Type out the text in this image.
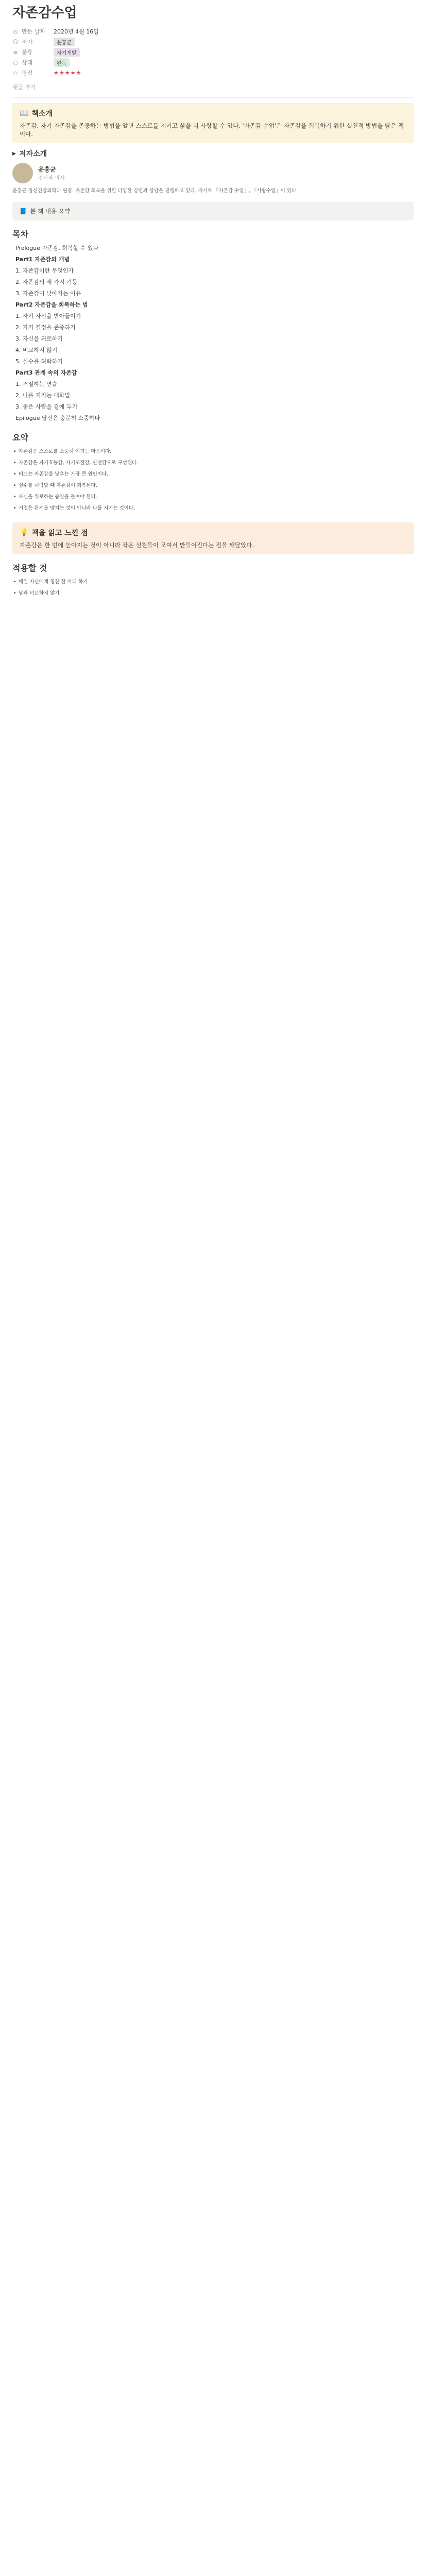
자존감수업
◷ 만든 날짜 2020년 4월 16일
☺ 저자	윤홍균
≡ 분류	자기계발
○ 상태	완독
☆ 평점	★★★★★
댓글 추가
📖 책소개
자존감. 자기 자존감을 존중하는 방법을 알면 스스로를 지키고 삶을 더 사랑할 수 있다. '자존감 수업'은 자존감을 회복하기 위한 실천적 방법을 담은 책이다.
▸ 저자소개
윤홍균
정신과 의사
윤홍균 정신건강의학과 원장. 자존감 회복을 위한 다양한 강연과 상담을 진행하고 있다. 저서로 『자존감 수업』, 『사랑수업』이 있다.
📘 본 책 내용 요약
목차
Prologue 자존감, 회복할 수 있다
Part1 자존감의 개념
1. 자존감이란 무엇인가
2. 자존감의 세 가지 기둥
3. 자존감이 낮아지는 이유
Part2 자존감을 회복하는 법
1. 자기 자신을 받아들이기
2. 자기 결정을 존중하기
3. 자신을 위로하기
4. 비교하지 않기
5. 실수를 허락하기
Part3 관계 속의 자존감
1. 거절하는 연습
2. 나를 지키는 대화법
3. 좋은 사람을 곁에 두기
Epilogue 당신은 충분히 소중하다
요약
• 자존감은 스스로를 소중히 여기는 마음이다.
• 자존감은 자기효능감, 자기조절감, 안전감으로 구성된다.
• 비교는 자존감을 낮추는 가장 큰 원인이다.
• 실수를 허락할 때 자존감이 회복된다.
• 자신을 위로하는 습관을 들여야 한다.
• 거절은 관계를 망치는 것이 아니라 나를 지키는 것이다.
💡 책을 읽고 느낀 점
자존감은 한 번에 높아지는 것이 아니라 작은 실천들이 모여서 만들어진다는 점을 깨달았다.
적용할 것
• 매일 자신에게 칭찬 한 마디 하기
• 남과 비교하지 않기
